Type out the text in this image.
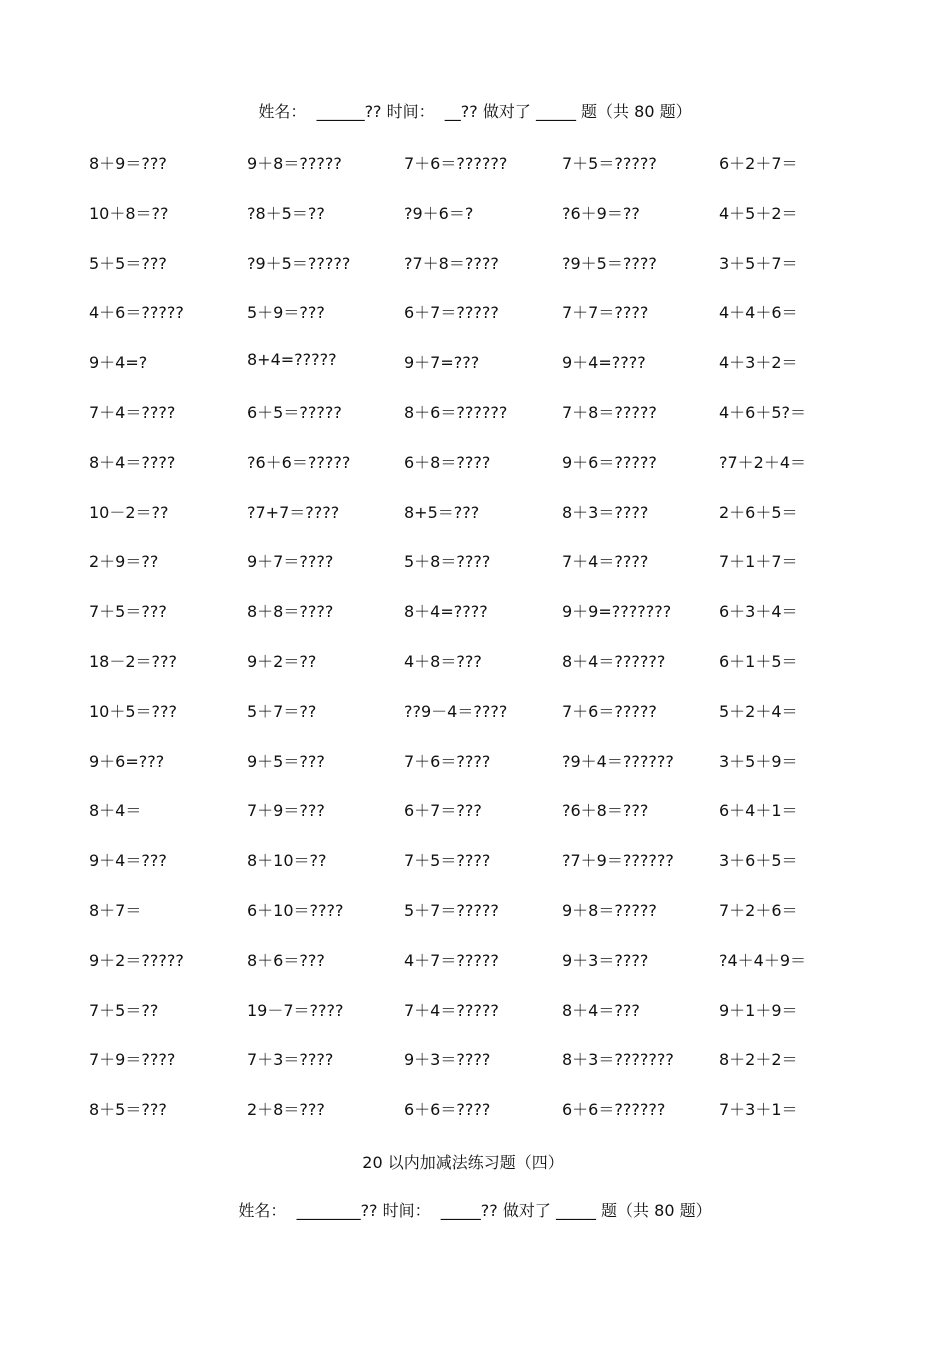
姓名：  ______?? 时间：  __?? 做对了 _____ 题（共 80 题）
8＋9＝???	9＋8＝?????	7＋6＝??????	7＋5＝?????	6＋2＋7＝
10＋8＝??	?8＋5＝??	?9＋6＝?	?6＋9＝??	4＋5＋2＝
5＋5＝???	?9＋5＝?????	?7＋8＝????	?9＋5＝????	3＋5＋7＝
4＋6＝?????	5＋9＝???	6＋7＝?????	7＋7＝????	4＋4＋6＝
9＋4=?	8+4=?????	9＋7=???	9＋4=????	4＋3＋2＝
7＋4＝????	6＋5＝?????	8＋6＝??????	7＋8＝?????	4＋6＋5?＝
8＋4＝????	?6＋6＝?????	6＋8＝????	9＋6＝?????	?7＋2＋4＝
10－2＝??	?7+7＝????	8+5＝???	8＋3＝????	2＋6＋5＝
2＋9＝??	9＋7＝????	5＋8＝????	7＋4＝????	7＋1＋7＝
7＋5＝???	8＋8＝????	8＋4=????	9＋9=???????	6＋3＋4＝
18－2＝???	9＋2＝??	4＋8＝???	8＋4＝??????	6＋1＋5＝
10＋5＝???	5＋7＝??	??9－4＝????	7＋6＝?????	5＋2＋4＝
9＋6=???	9＋5＝???	7＋6＝????	?9＋4＝??????	3＋5＋9＝
8＋4＝	7＋9＝???	6＋7＝???	?6＋8＝???	6＋4＋1＝
9＋4＝???	8＋10＝??	7＋5＝????	?7＋9＝??????	3＋6＋5＝
8＋7＝	6＋10＝????	5＋7＝?????	9＋8＝?????	7＋2＋6＝
9＋2＝?????	8＋6＝???	4＋7＝?????	9＋3＝????	?4＋4＋9＝
7＋5＝??	19－7＝????	7＋4＝?????	8＋4＝???	9＋1＋9＝
7＋9＝????	7＋3＝????	9＋3＝????	8＋3＝???????	8＋2＋2＝
8＋5＝???	2＋8＝???	6＋6＝????	6＋6＝??????	7＋3＋1＝
20 以内加减法练习题（四）
姓名：  ________?? 时间：  _____?? 做对了 _____ 题（共 80 题）
